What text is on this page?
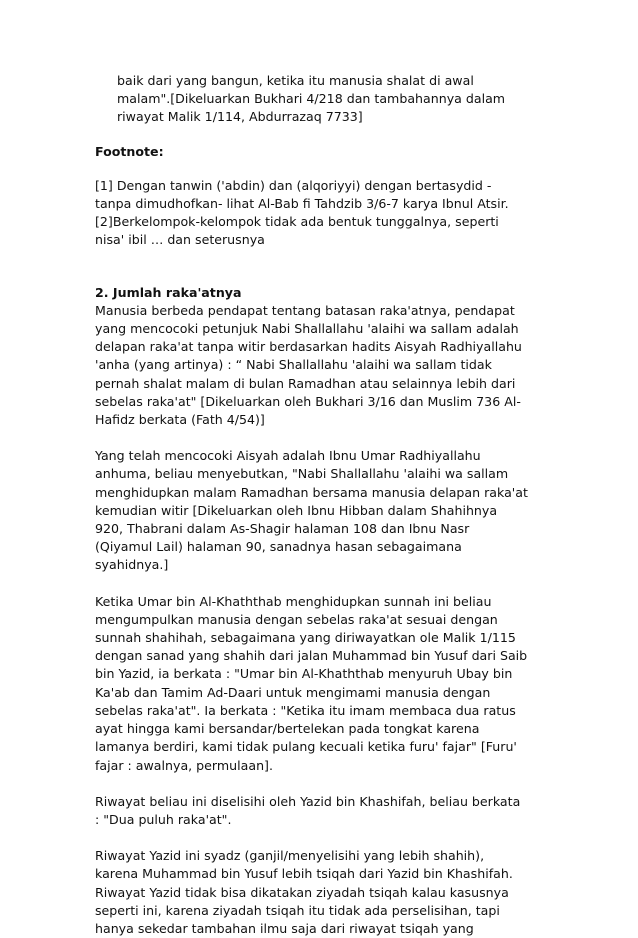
baik dari yang bangun, ketika itu manusia shalat di awal
malam".[Dikeluarkan Bukhari 4/218 dan tambahannya dalam
riwayat Malik 1/114, Abdurrazaq 7733]

Footnote:

[1] Dengan tanwin ('abdin) dan (alqoriyyi) dengan bertasydid -
tanpa dimudhofkan- lihat Al-Bab fi Tahdzib 3/6-7 karya Ibnul Atsir.
[2]Berkelompok-kelompok tidak ada bentuk tunggalnya, seperti
nisa' ibil … dan seterusnya

2. Jumlah raka'atnya

Manusia berbeda pendapat tentang batasan raka'atnya, pendapat
yang mencocoki petunjuk Nabi Shallallahu 'alaihi wa sallam adalah
delapan raka'at tanpa witir berdasarkan hadits Aisyah Radhiyallahu
'anha (yang artinya) : “ Nabi Shallallahu 'alaihi wa sallam tidak
pernah shalat malam di bulan Ramadhan atau selainnya lebih dari
sebelas raka'at" [Dikeluarkan oleh Bukhari 3/16 dan Muslim 736 Al-
Hafidz berkata (Fath 4/54)]

Yang telah mencocoki Aisyah adalah Ibnu Umar Radhiyallahu
anhuma, beliau menyebutkan, "Nabi Shallallahu 'alaihi wa sallam
menghidupkan malam Ramadhan bersama manusia delapan raka'at
kemudian witir [Dikeluarkan oleh Ibnu Hibban dalam Shahihnya
920, Thabrani dalam As-Shagir halaman 108 dan Ibnu Nasr
(Qiyamul Lail) halaman 90, sanadnya hasan sebagaimana
syahidnya.]

Ketika Umar bin Al-Khaththab menghidupkan sunnah ini beliau
mengumpulkan manusia dengan sebelas raka'at sesuai dengan
sunnah shahihah, sebagaimana yang diriwayatkan ole Malik 1/115
dengan sanad yang shahih dari jalan Muhammad bin Yusuf dari Saib
bin Yazid, ia berkata : "Umar bin Al-Khaththab menyuruh Ubay bin
Ka'ab dan Tamim Ad-Daari untuk mengimami manusia dengan
sebelas raka'at". Ia berkata : "Ketika itu imam membaca dua ratus
ayat hingga kami bersandar/bertelekan pada tongkat karena
lamanya berdiri, kami tidak pulang kecuali ketika furu' fajar" [Furu'
fajar : awalnya, permulaan].

Riwayat beliau ini diselisihi oleh Yazid bin Khashifah, beliau berkata
: "Dua puluh raka'at".

Riwayat Yazid ini syadz (ganjil/menyelisihi yang lebih shahih),
karena Muhammad bin Yusuf lebih tsiqah dari Yazid bin Khashifah.
Riwayat Yazid tidak bisa dikatakan ziyadah tsiqah kalau kasusnya
seperti ini, karena ziyadah tsiqah itu tidak ada perselisihan, tapi
hanya sekedar tambahan ilmu saja dari riwayat tsiqah yang
